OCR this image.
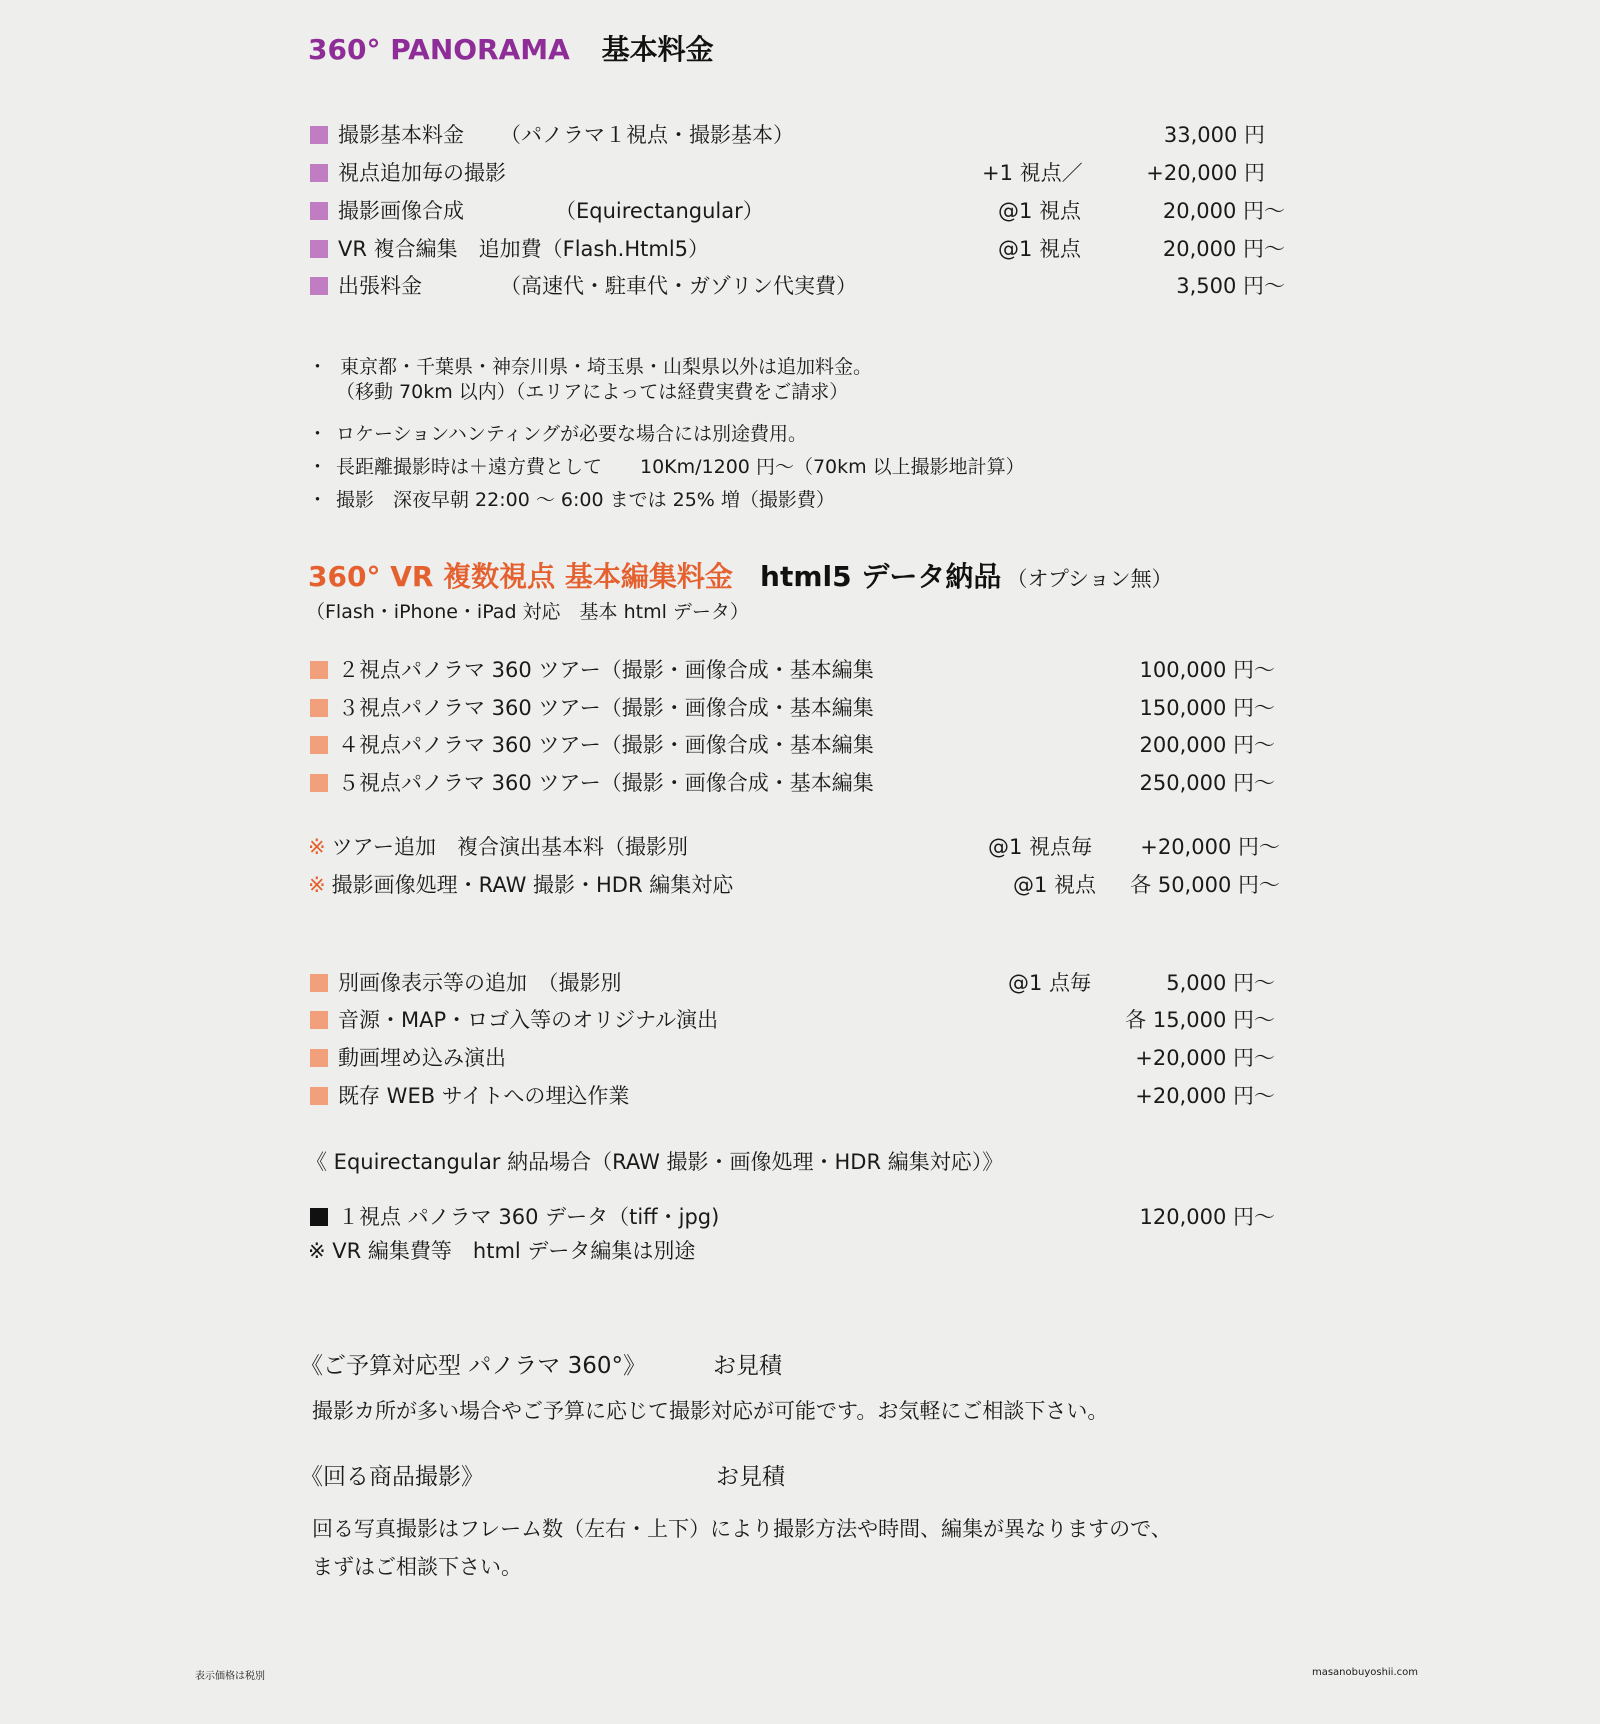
360° PANORAMA 基本料金
撮影基本料金 （パノラマ１視点・撮影基本）	33,000 円
視点追加毎の撮影	+1 視点／	+20,000 円
撮影画像合成	（Equirectangular）	@1 視点	20,000 円〜
VR 複合編集　追加費（Flash.Html5）	@1 視点	20,000 円〜
出張料金	（高速代・駐車代・ガゾリン代実費）	3,500 円〜
・ 東京都・千葉県・神奈川県・埼玉県・山梨県以外は追加料金。
（移動 70km 以内）（エリアによっては経費実費をご請求）
・ ロケーションハンティングが必要な場合には別途費用。
・ 長距離撮影時は＋遠方費として　　10Km/1200 円〜（70km 以上撮影地計算）
・ 撮影　深夜早朝 22:00 〜 6:00 までは 25% 増（撮影費）
360° VR 複数視点 基本編集料金 html5 データ納品 （オプション無）
（Flash・iPhone・iPad 対応　基本 html データ）
２視点パノラマ 360 ツアー（撮影・画像合成・基本編集	100,000 円〜
３視点パノラマ 360 ツアー（撮影・画像合成・基本編集	150,000 円〜
４視点パノラマ 360 ツアー（撮影・画像合成・基本編集	200,000 円〜
５視点パノラマ 360 ツアー（撮影・画像合成・基本編集	250,000 円〜
※ ツアー追加　複合演出基本料（撮影別	@1 視点毎 +20,000 円〜
※ 撮影画像処理・RAW 撮影・HDR 編集対応	@1 視点 各 50,000 円〜
別画像表示等の追加　（撮影別	@1 点毎	5,000 円〜
音源・MAP・ロゴ入等のオリジナル演出	各 15,000 円〜
動画埋め込み演出	+20,000 円〜
既存 WEB サイトへの埋込作業	+20,000 円〜
《 Equirectangular 納品場合（RAW 撮影・画像処理・HDR 編集対応）》
１視点 パノラマ 360 データ（tiff・jpg)	120,000 円〜
※ VR 編集費等　html データ編集は別途
《ご予算対応型 パノラマ 360°》	お見積
撮影カ所が多い場合やご予算に応じて撮影対応が可能です。お気軽にご相談下さい。
《回る商品撮影》	お見積
回る写真撮影はフレーム数（左右・上下）により撮影方法や時間、編集が異なりますので、
まずはご相談下さい。
表示価格は税別	masanobuyoshii.com
